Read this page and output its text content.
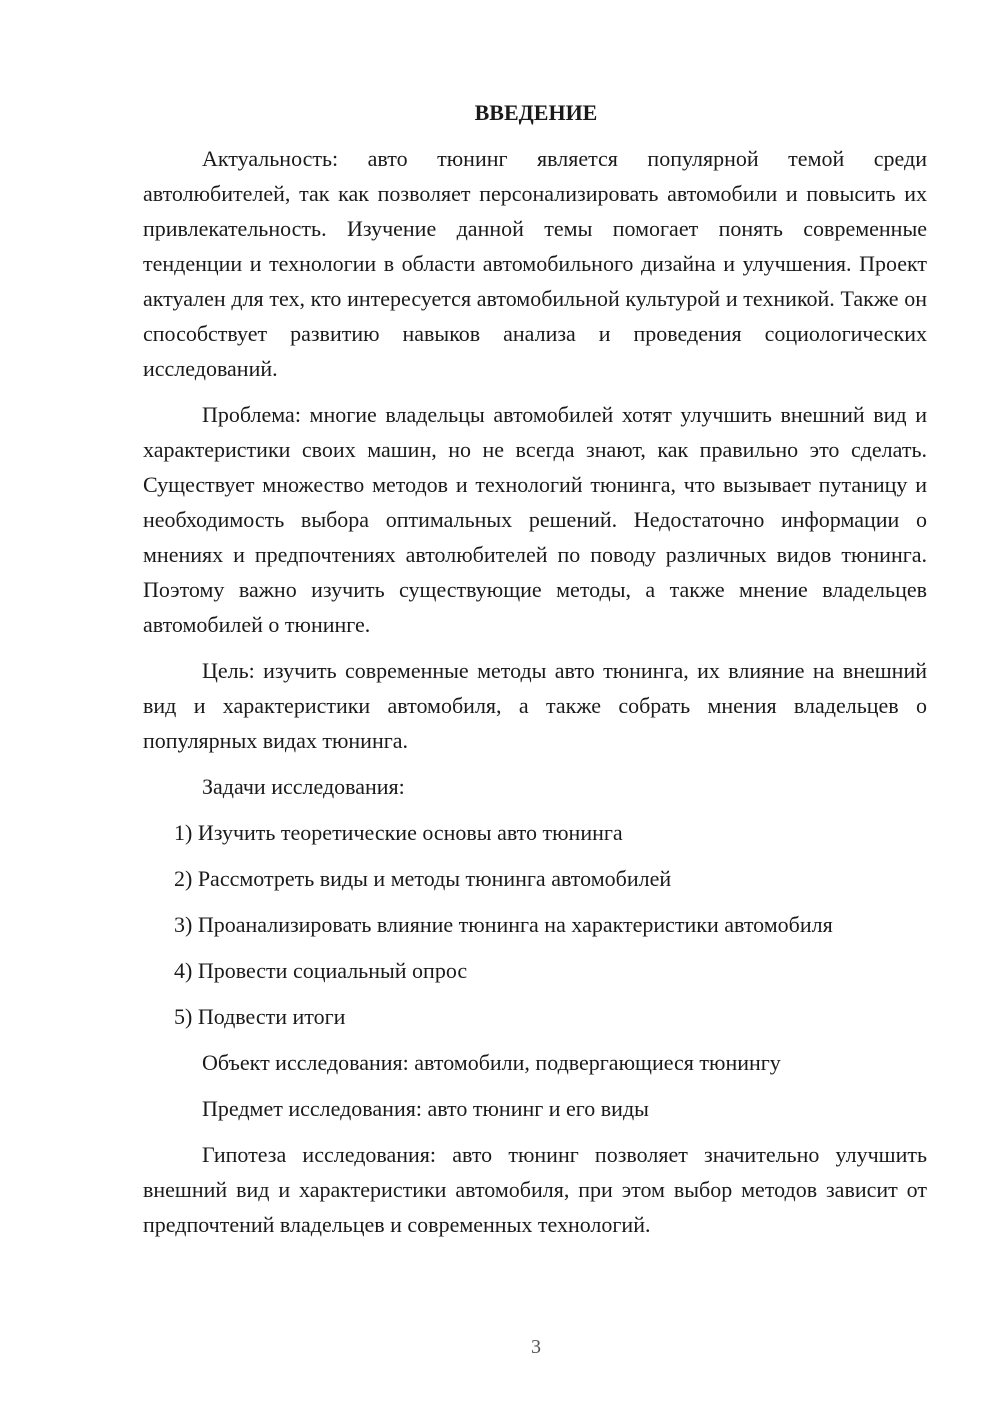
ВВЕДЕНИЕ

Актуальность: авто тюнинг является популярной темой среди автолюбителей, так как позволяет персонализировать автомобили и повысить их привлекательность. Изучение данной темы помогает понять современные тенденции и технологии в области автомобильного дизайна и улучшения. Проект актуален для тех, кто интересуется автомобильной культурой и техникой. Также он способствует развитию навыков анализа и проведения социологических исследований.

Проблема: многие владельцы автомобилей хотят улучшить внешний вид и характеристики своих машин, но не всегда знают, как правильно это сделать. Существует множество методов и технологий тюнинга, что вызывает путаницу и необходимость выбора оптимальных решений. Недостаточно информации о мнениях и предпочтениях автолюбителей по поводу различных видов тюнинга. Поэтому важно изучить существующие методы, а также мнение владельцев автомобилей о тюнинге.

Цель: изучить современные методы авто тюнинга, их влияние на внешний вид и характеристики автомобиля, а также собрать мнения владельцев о популярных видах тюнинга.

Задачи исследования:

1) Изучить теоретические основы авто тюнинга

2) Рассмотреть виды и методы тюнинга автомобилей

3) Проанализировать влияние тюнинга на характеристики автомобиля

4) Провести социальный опрос

5) Подвести итоги

Объект исследования: автомобили, подвергающиеся тюнингу

Предмет исследования: авто тюнинг и его виды

Гипотеза исследования: авто тюнинг позволяет значительно улучшить внешний вид и характеристики автомобиля, при этом выбор методов зависит от предпочтений владельцев и современных технологий.

3
